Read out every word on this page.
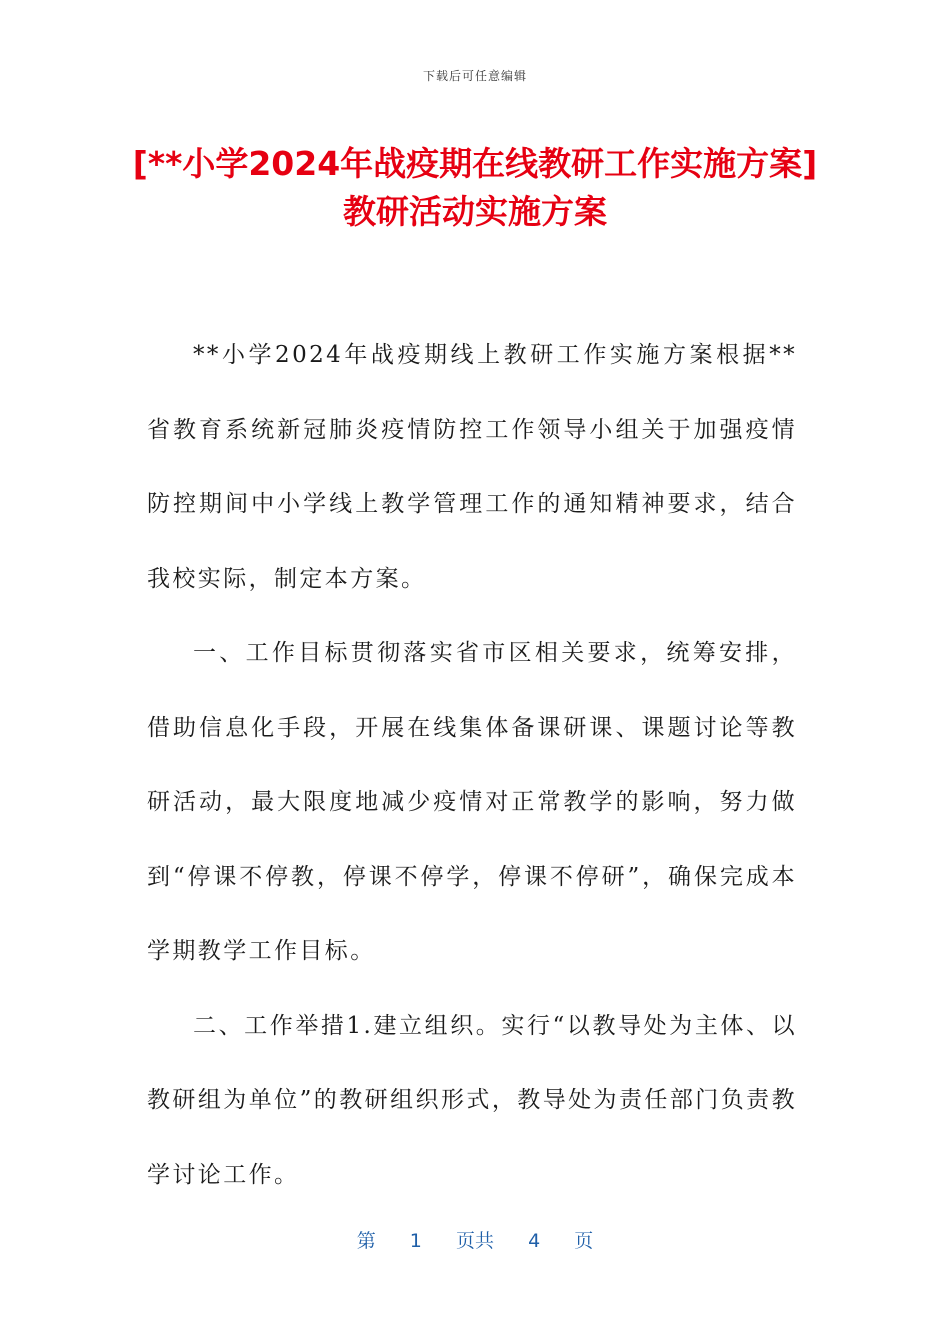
下载后可任意编辑
[**小学2024年战疫期在线教研工作实施方案]教研活动实施方案

**小学2024年战疫期线上教研工作实施方案根据**省教育系统新冠肺炎疫情防控工作领导小组关于加强疫情防控期间中小学线上教学管理工作的通知精神要求，结合我校实际，制定本方案。

一、工作目标贯彻落实省市区相关要求，统筹安排，借助信息化手段，开展在线集体备课研课、课题讨论等教研活动，最大限度地减少疫情对正常教学的影响，努力做到“停课不停教，停课不停学，停课不停研”，确保完成本学期教学工作目标。

二、工作举措1.建立组织。实行“以教导处为主体、以教研组为单位”的教研组织形式，教导处为责任部门负责教学讨论工作。

第 1 页共 4 页
